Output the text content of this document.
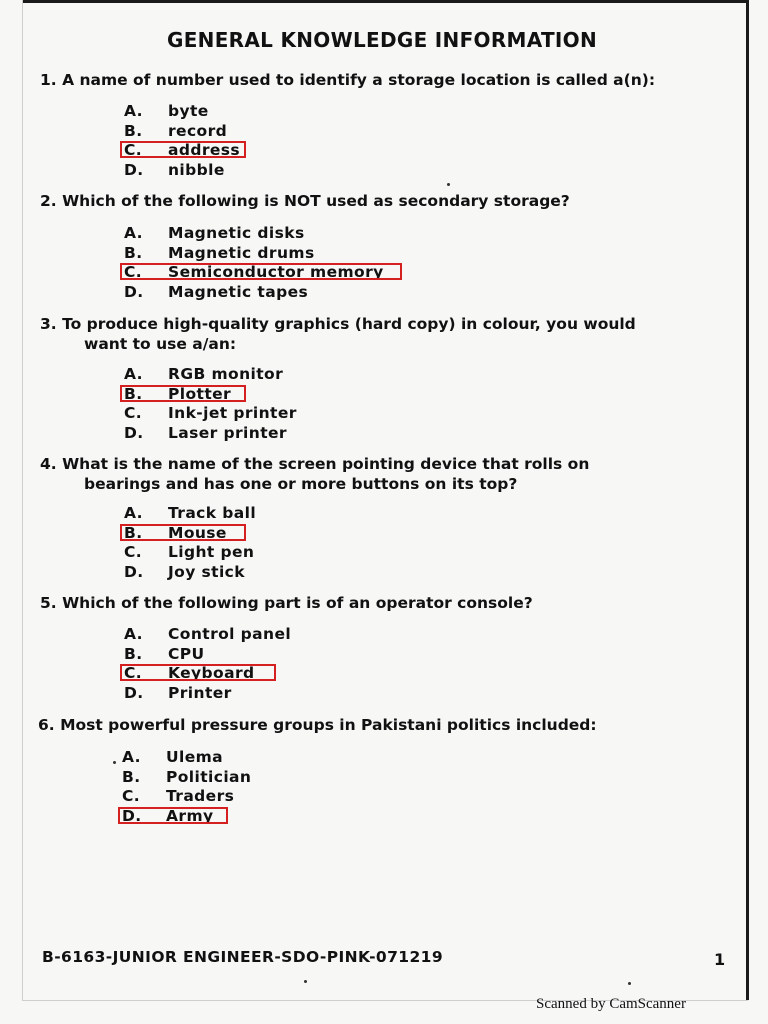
GENERAL KNOWLEDGE INFORMATION

1. A name of number used to identify a storage location is called a(n):

A. byte
B. record
C. address
D. nibble

2. Which of the following is NOT used as secondary storage?

A. Magnetic disks
B. Magnetic drums
C. Semiconductor memory
D. Magnetic tapes

3. To produce high-quality graphics (hard copy) in colour, you would
want to use a/an:

A. RGB monitor
B. Plotter
C. Ink-jet printer
D. Laser printer

4. What is the name of the screen pointing device that rolls on
bearings and has one or more buttons on its top?

A. Track ball
B. Mouse
C. Light pen
D. Joy stick

5. Which of the following part is of an operator console?

A. Control panel
B. CPU
C. Keyboard
D. Printer

6. Most powerful pressure groups in Pakistani politics included:

A. Ulema
B. Politician
C. Traders
D. Army
B-6163-JUNIOR ENGINEER-SDO-PINK-071219	1
Scanned by CamScanner
